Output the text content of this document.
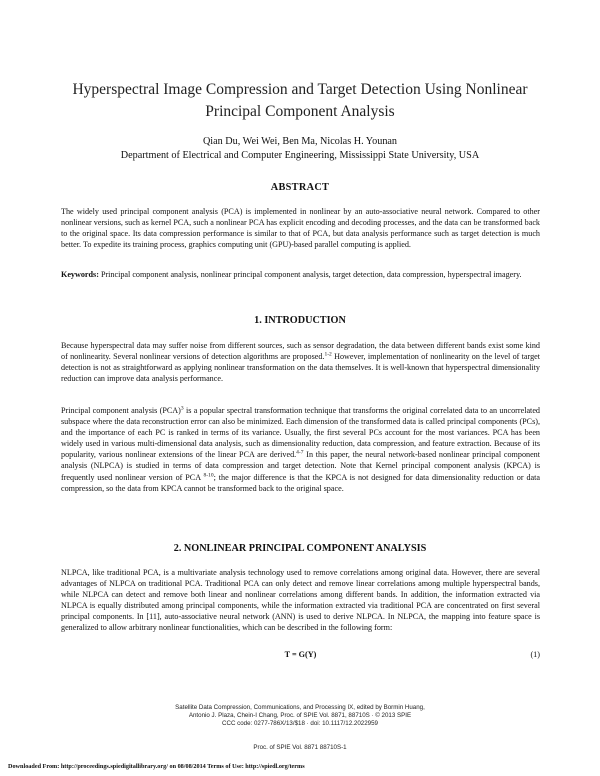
Hyperspectral Image Compression and Target Detection Using Nonlinear
Principal Component Analysis
Qian Du, Wei Wei, Ben Ma, Nicolas H. Younan
Department of Electrical and Computer Engineering, Mississippi State University, USA
ABSTRACT
The widely used principal component analysis (PCA) is implemented in nonlinear by an auto-associative neural network. Compared to other nonlinear versions, such as kernel PCA, such a nonlinear PCA has explicit encoding and decoding processes, and the data can be transformed back to the original space. Its data compression performance is similar to that of PCA, but data analysis performance such as target detection is much better. To expedite its training process, graphics computing unit (GPU)-based parallel computing is applied.
Keywords: Principal component analysis, nonlinear principal component analysis, target detection, data compression, hyperspectral imagery.
1. INTRODUCTION
Because hyperspectral data may suffer noise from different sources, such as sensor degradation, the data between different bands exist some kind of nonlinearity. Several nonlinear versions of detection algorithms are proposed.$^{1-2}$ However, implementation of nonlinearity on the level of target detection is not as straightforward as applying nonlinear transformation on the data themselves. It is well-known that hyperspectral dimensionality reduction can improve data analysis performance.
Principal component analysis (PCA)$^3$ is a popular spectral transformation technique that transforms the original correlated data to an uncorrelated subspace where the data reconstruction error can also be minimized. Each dimension of the transformed data is called principal components (PCs), and the importance of each PC is ranked in terms of its variance. Usually, the first several PCs account for the most variances. PCA has been widely used in various multi-dimensional data analysis, such as dimensionality reduction, data compression, and feature extraction. Because of its popularity, various nonlinear extensions of the linear PCA are derived.$^{4-7}$ In this paper, the neural network-based nonlinear principal component analysis (NLPCA) is studied in terms of data compression and target detection. Note that Kernel principal component analysis (KPCA) is frequently used nonlinear version of PCA $^{8-10}$; the major difference is that the KPCA is not designed for data dimensionality reduction or data compression, so the data from KPCA cannot be transformed back to the original space.
2. NONLINEAR PRINCIPAL COMPONENT ANALYSIS
NLPCA, like traditional PCA, is a multivariate analysis technology used to remove correlations among original data. However, there are several advantages of NLPCA on traditional PCA. Traditional PCA can only detect and remove linear correlations among multiple hyperspectral bands, while NLPCA can detect and remove both linear and nonlinear correlations among different bands. In addition, the information extracted via NLPCA is equally distributed among principal components, while the information extracted via traditional PCA are concentrated on first several principal components. In [11], auto-associative neural network (ANN) is used to derive NLPCA. In NLPCA, the mapping into feature space is generalized to allow arbitrary nonlinear functionalities, which can be described in the following form:
T = G(Y)	(1)
Satellite Data Compression, Communications, and Processing IX, edited by Bormin Huang,
Antonio J. Plaza, Chein-I Chang, Proc. of SPIE Vol. 8871, 88710S · © 2013 SPIE
CCC code: 0277-786X/13/$18 · doi: 10.1117/12.2022959
Proc. of SPIE Vol. 8871 88710S-1
Downloaded From: http://proceedings.spiedigitallibrary.org/ on 08/08/2014 Terms of Use: http://spiedl.org/terms
